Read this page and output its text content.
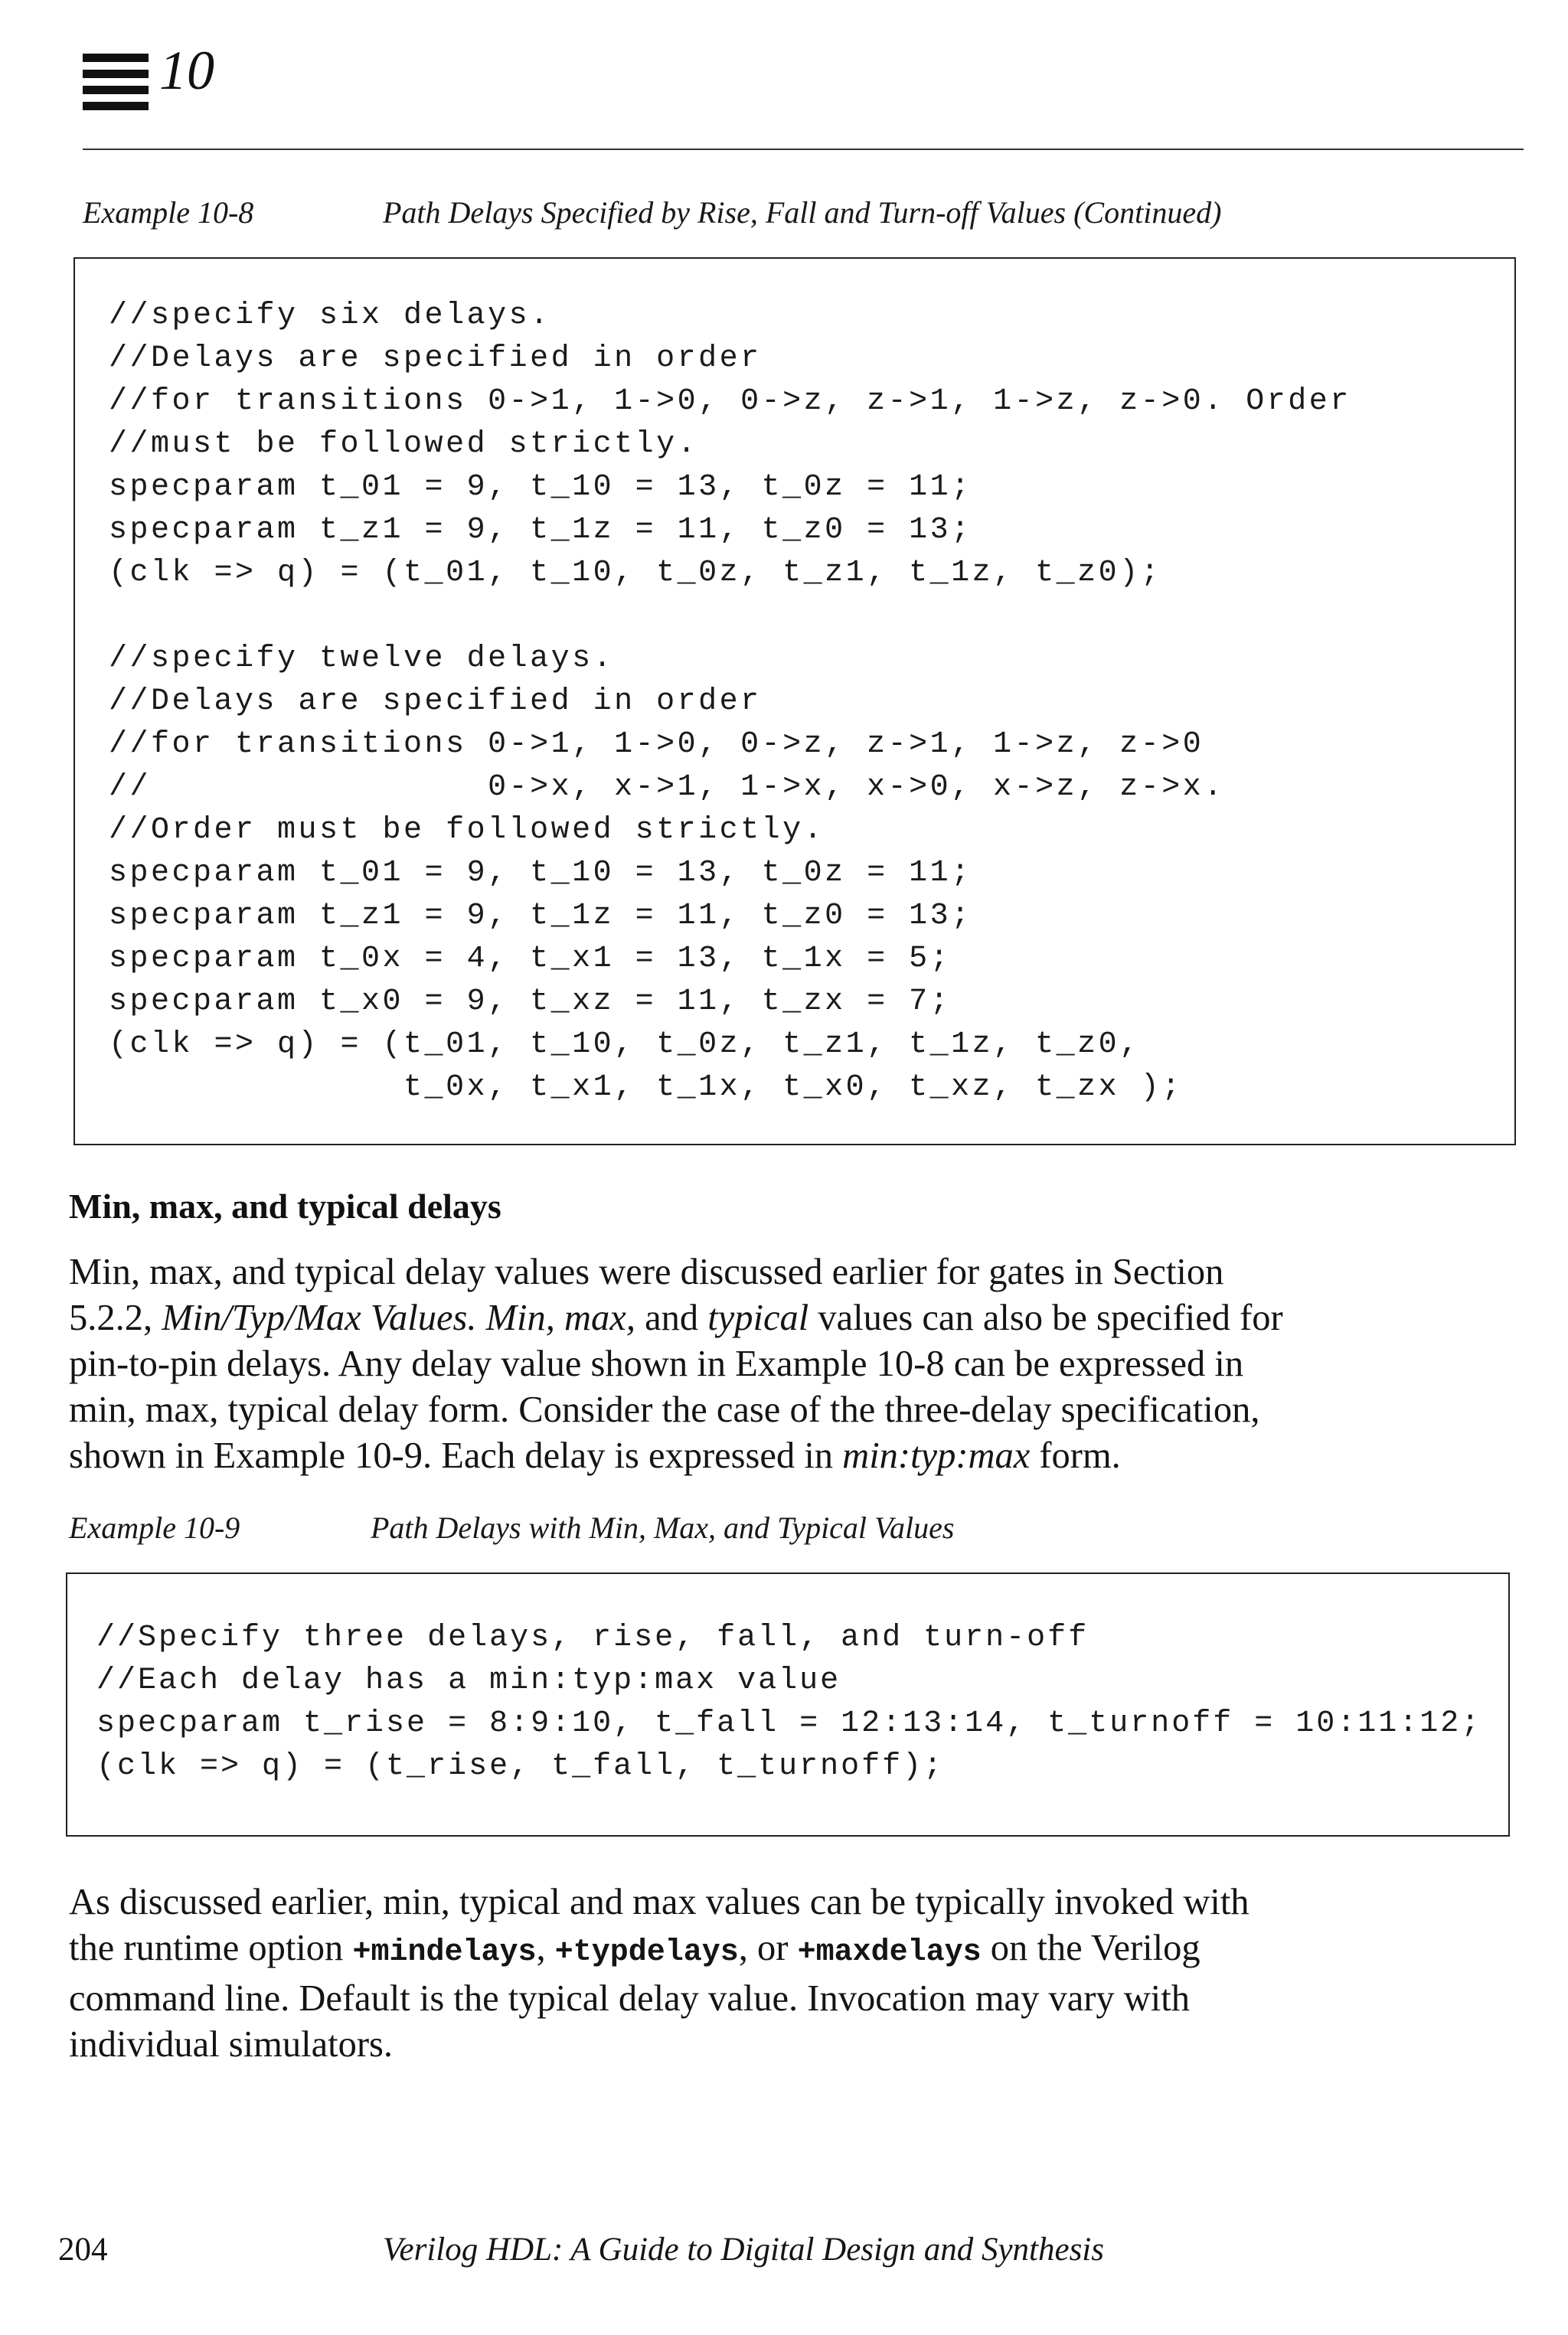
10
Example 10-8	Path Delays Specified by Rise, Fall and Turn-off Values (Continued)
//specify six delays.
//Delays are specified in order
//for transitions 0->1, 1->0, 0->z, z->1, 1->z, z->0. Order
//must be followed strictly.
specparam t_01 = 9, t_10 = 13, t_0z = 11;
specparam t_z1 = 9, t_1z = 11, t_z0 = 13;
(clk => q) = (t_01, t_10, t_0z, t_z1, t_1z, t_z0);
//specify twelve delays.
//Delays are specified in order
//for transitions 0->1, 1->0, 0->z, z->1, 1->z, z->0
//                0->x, x->1, 1->x, x->0, x->z, z->x.
//Order must be followed strictly.
specparam t_01 = 9, t_10 = 13, t_0z = 11;
specparam t_z1 = 9, t_1z = 11, t_z0 = 13;
specparam t_0x = 4, t_x1 = 13, t_1x = 5;
specparam t_x0 = 9, t_xz = 11, t_zx = 7;
(clk => q) = (t_01, t_10, t_0z, t_z1, t_1z, t_z0,
t_0x, t_x1, t_1x, t_x0, t_xz, t_zx );
Min, max, and typical delays
Min, max, and typical delay values were discussed earlier for gates in Section
5.2.2, Min/Typ/Max Values. Min, max, and typical values can also be specified for
pin-to-pin delays. Any delay value shown in Example 10-8 can be expressed in
min, max, typical delay form. Consider the case of the three-delay specification,
shown in Example 10-9. Each delay is expressed in min:typ:max form.
Example 10-9	Path Delays with Min, Max, and Typical Values
//Specify three delays, rise, fall, and turn-off
//Each delay has a min:typ:max value
specparam t_rise = 8:9:10, t_fall = 12:13:14, t_turnoff = 10:11:12;
(clk => q) = (t_rise, t_fall, t_turnoff);
As discussed earlier, min, typical and max values can be typically invoked with
the runtime option +mindelays, +typdelays, or +maxdelays on the Verilog
command line. Default is the typical delay value. Invocation may vary with
individual simulators.
204	Verilog HDL: A Guide to Digital Design and Synthesis
